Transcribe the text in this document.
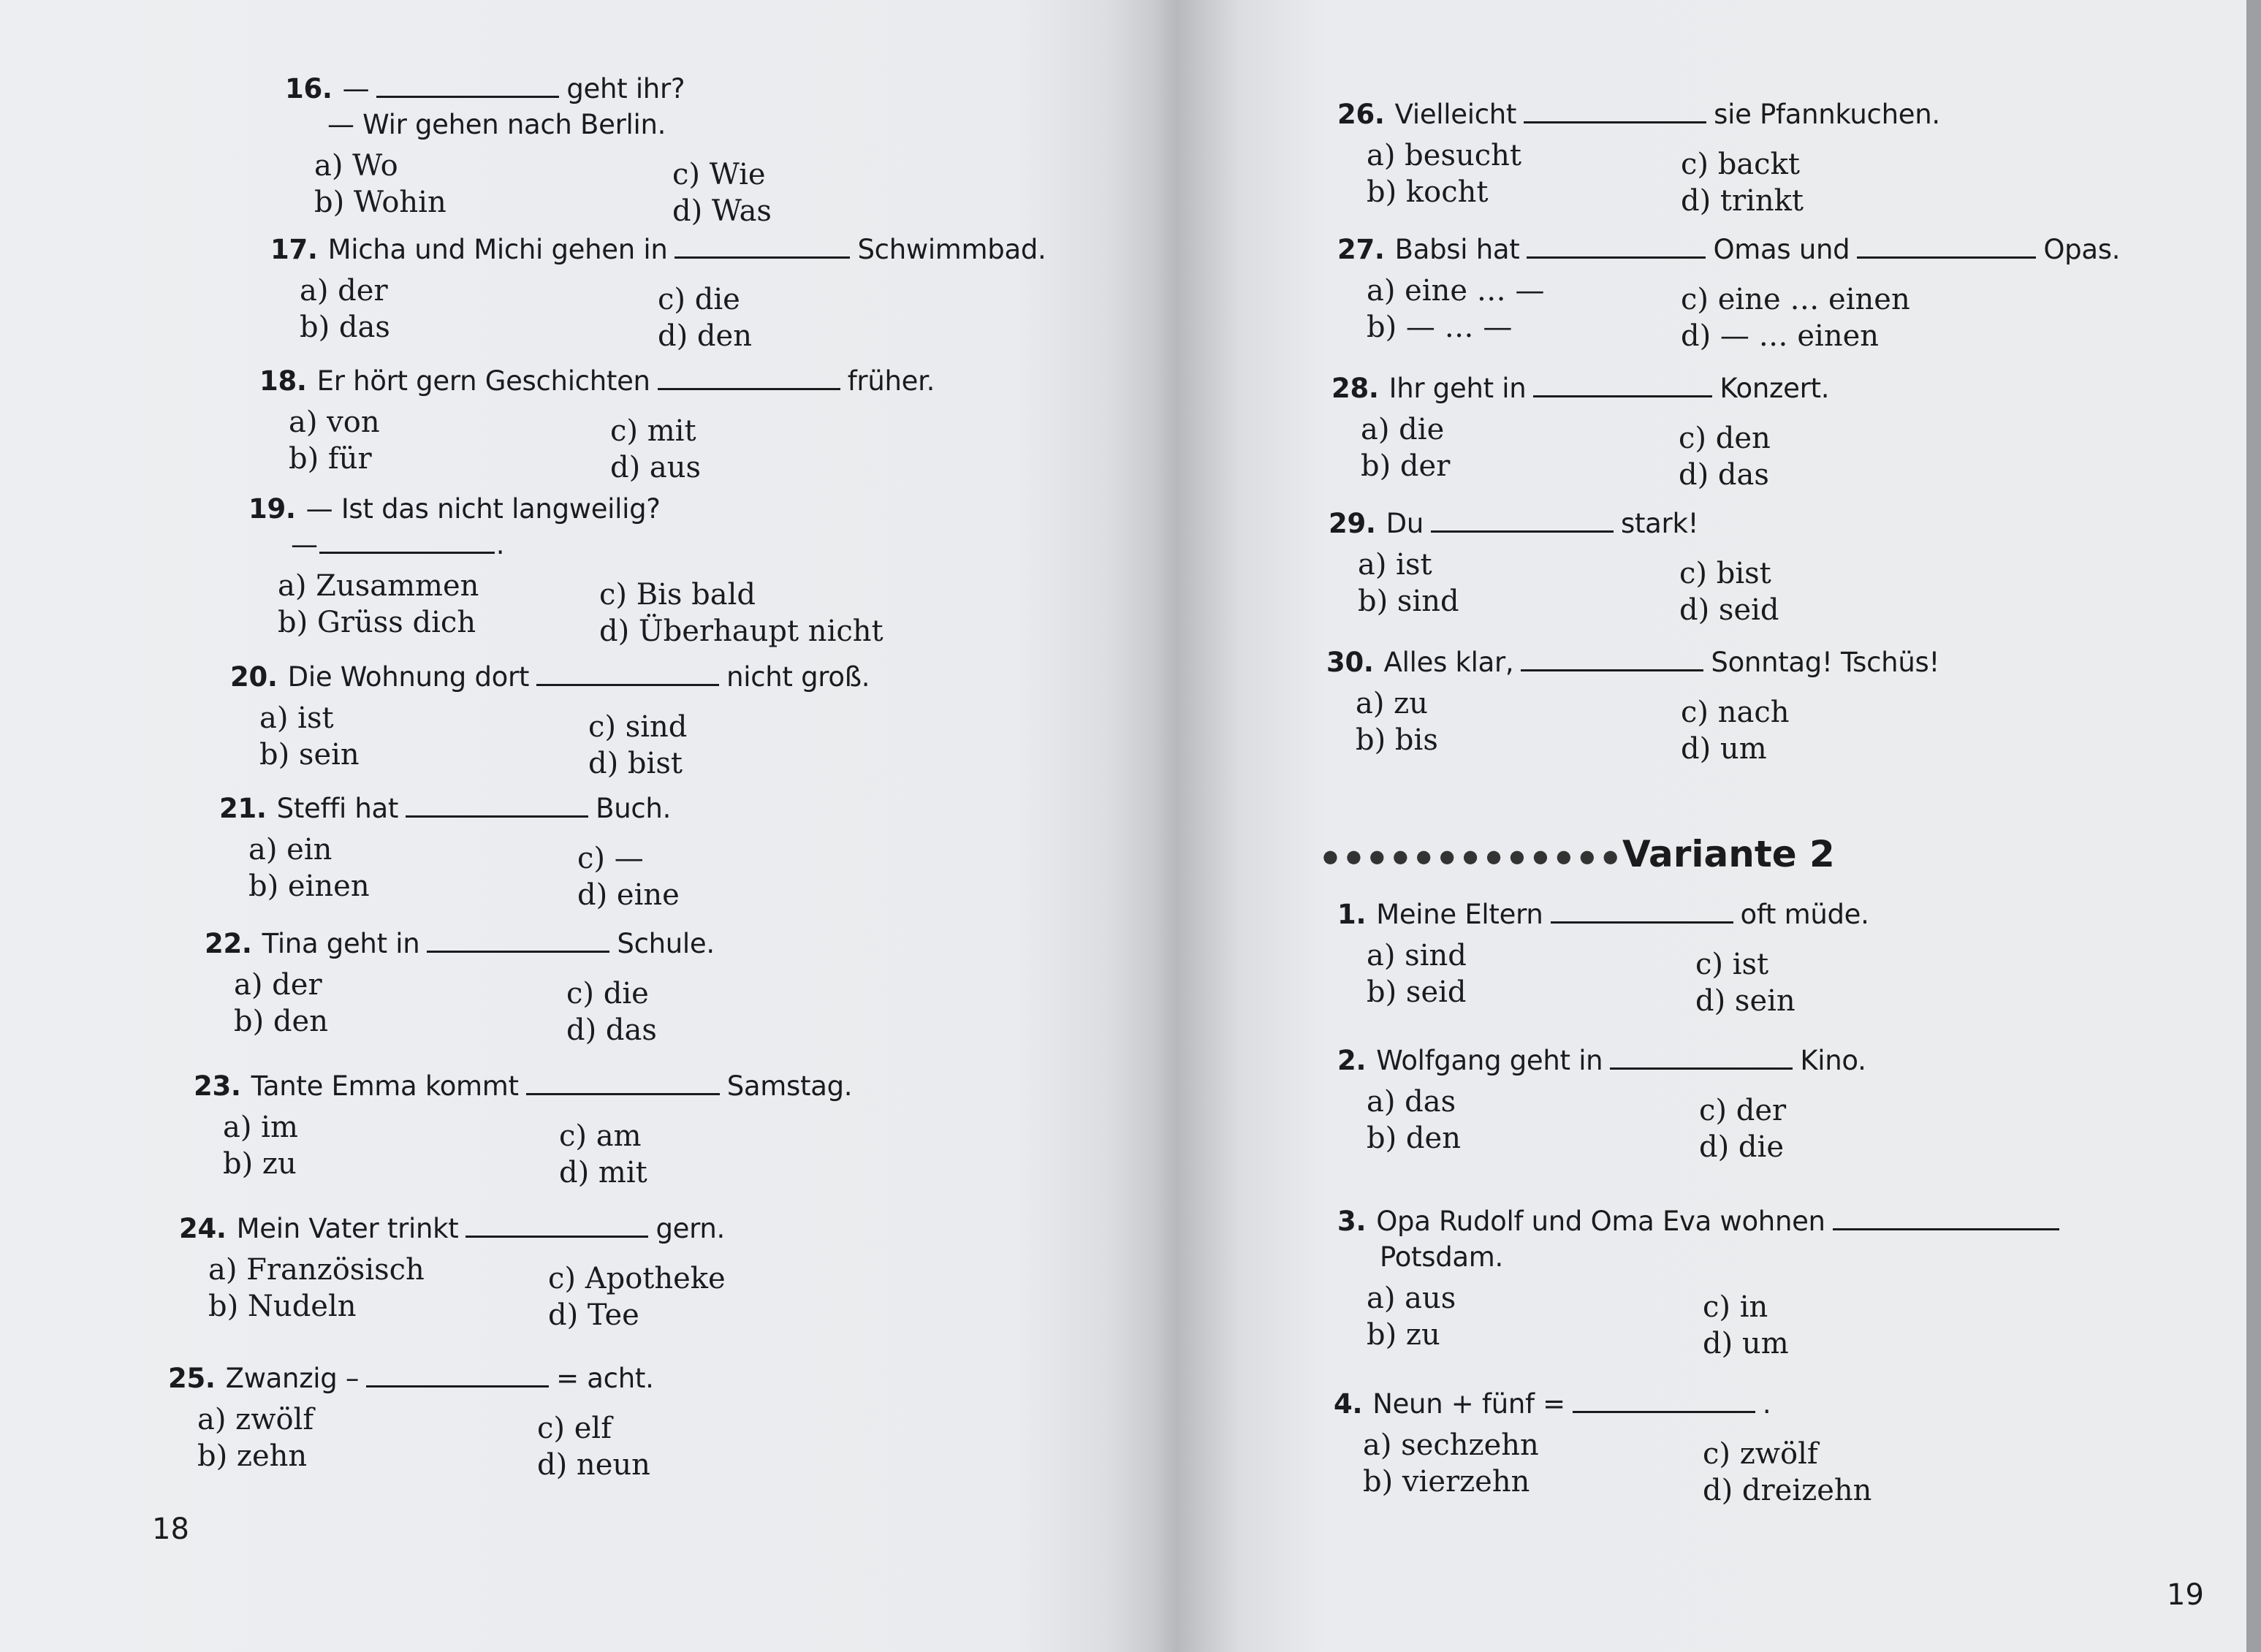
16. —	geht ihr?
— Wir gehen nach Berlin.
a) Wo
b) Wohin
c) Wie
d) Was
17. Micha und Michi gehen in	Schwimmbad.
a) der
b) das
c) die
d) den
18. Er hört gern Geschichten	früher.
a) von
b) für
c) mit
d) aus
19. — Ist das nicht langweilig?
—	.
a) Zusammen
b) Grüss dich
c) Bis bald
d) Überhaupt nicht
20. Die Wohnung dort	nicht groß.
a) ist
b) sein
c) sind
d) bist
21. Steffi hat	Buch.
a) ein
b) einen
c) —
d) eine
22. Tina geht in	Schule.
a) der
b) den
c) die
d) das
23. Tante Emma kommt	Samstag.
a) im
b) zu
c) am
d) mit
24. Mein Vater trinkt	gern.
a) Französisch
b) Nudeln
c) Apotheke
d) Tee
25. Zwanzig –	= acht.
a) zwölf
b) zehn
c) elf
d) neun
26. Vielleicht	sie Pfannkuchen.
a) besucht
b) kocht
c) backt
d) trinkt
27. Babsi hat	Omas und	Opas.
a) eine … —
b) — … —
c) eine … einen
d) — … einen
28. Ihr geht in	Konzert.
a) die
b) der
c) den
d) das
29. Du	stark!
a) ist
b) sind
c) bist
d) seid
30. Alles klar,	Sonntag! Tschüs!
a) zu
b) bis
c) nach
d) um
1. Meine Eltern	oft müde.
a) sind
b) seid
c) ist
d) sein
2. Wolfgang geht in	Kino.
a) das
b) den
c) der
d) die
3. Opa Rudolf und Oma Eva wohnen
Potsdam.
a) aus
b) zu
c) in
d) um
4. Neun + fünf =	.
a) sechzehn
b) vierzehn
c) zwölf
d) dreizehn
●●●●●●●●●●●●●
Variante 2
18
19
